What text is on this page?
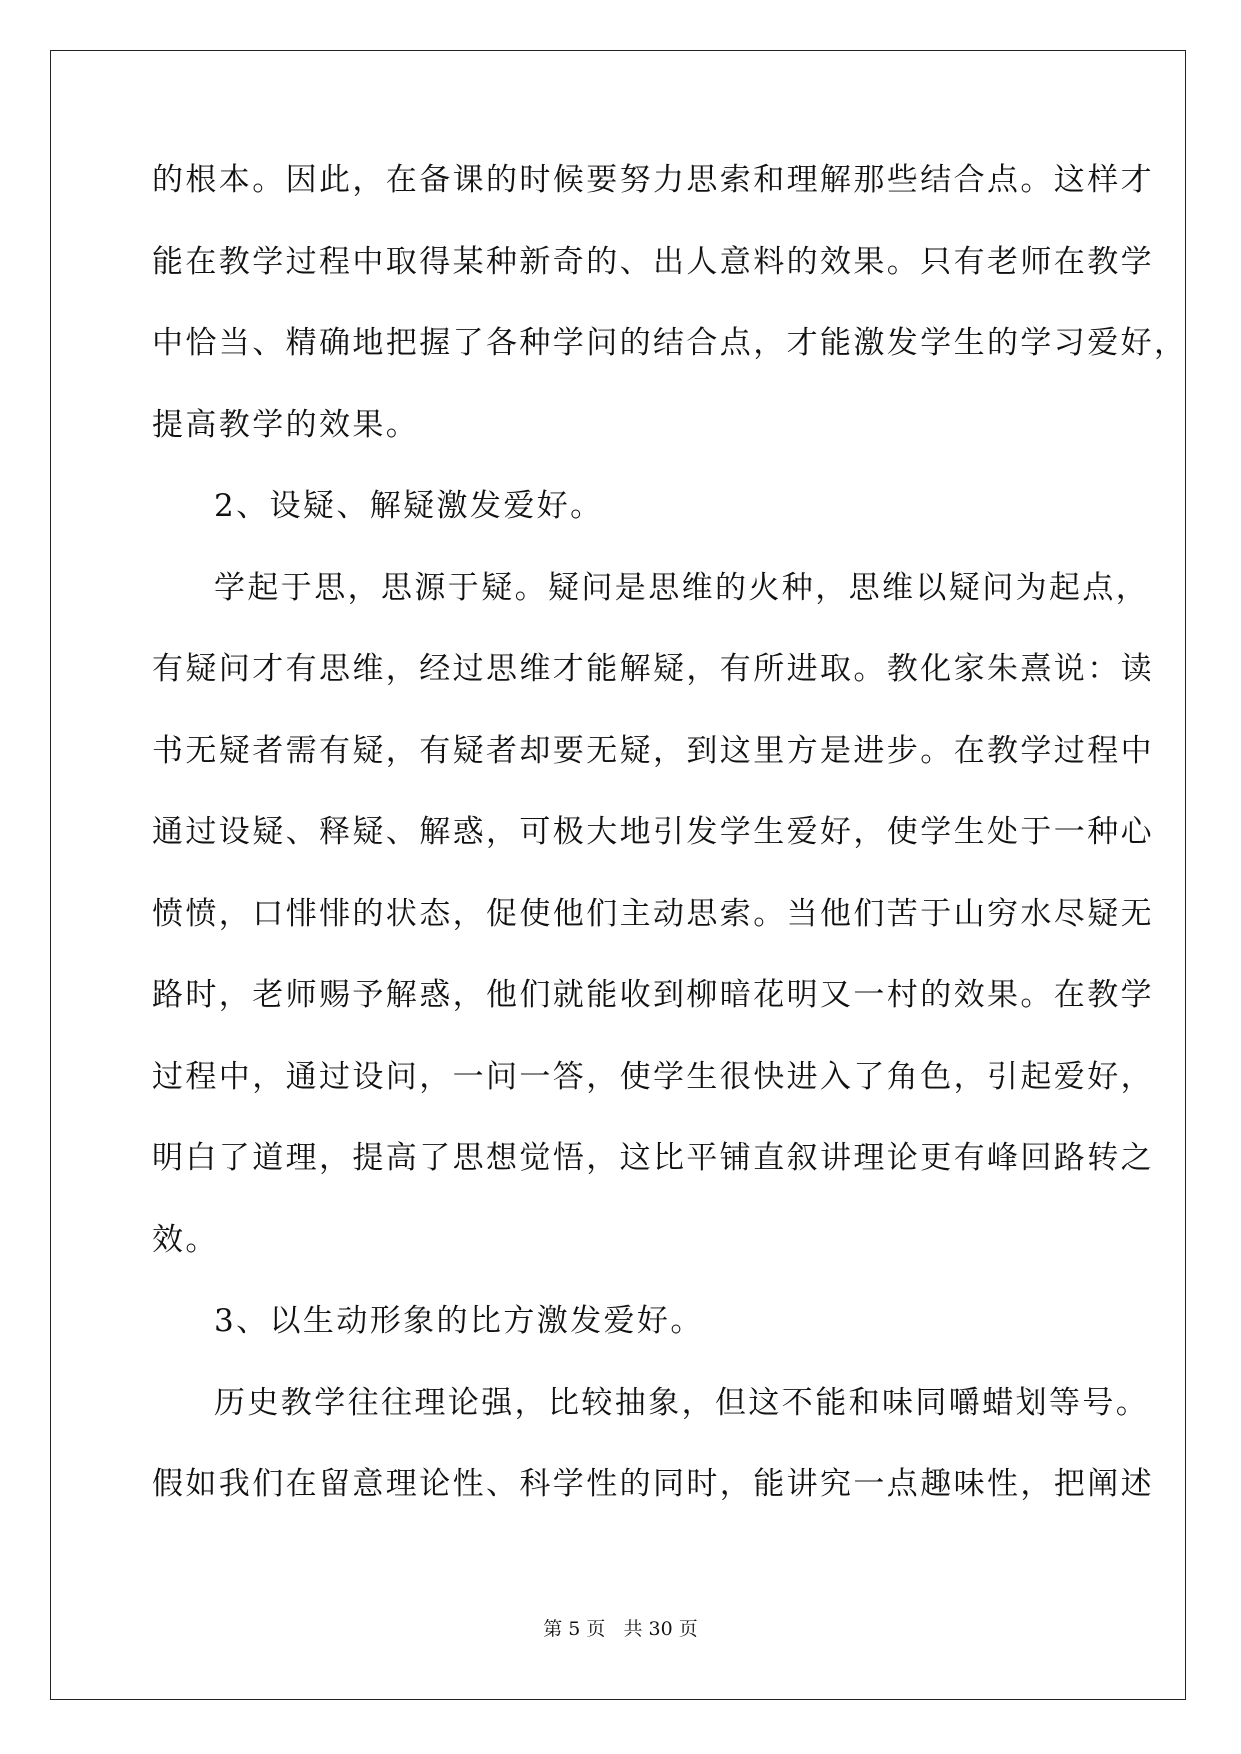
的根本。因此，在备课的时候要努力思索和理解那些结合点。这样才
能在教学过程中取得某种新奇的、出人意料的效果。只有老师在教学
中恰当、精确地把握了各种学问的结合点，才能激发学生的学习爱好，
提高教学的效果。
2、设疑、解疑激发爱好。
学起于思，思源于疑。疑问是思维的火种，思维以疑问为起点，
有疑问才有思维，经过思维才能解疑，有所进取。教化家朱熹说：读
书无疑者需有疑，有疑者却要无疑，到这里方是进步。在教学过程中
通过设疑、释疑、解惑，可极大地引发学生爱好，使学生处于一种心
愤愤，口悱悱的状态，促使他们主动思索。当他们苦于山穷水尽疑无
路时，老师赐予解惑，他们就能收到柳暗花明又一村的效果。在教学
过程中，通过设问，一问一答，使学生很快进入了角色，引起爱好，
明白了道理，提高了思想觉悟，这比平铺直叙讲理论更有峰回路转之
效。
3、以生动形象的比方激发爱好。
历史教学往往理论强，比较抽象，但这不能和味同嚼蜡划等号。
假如我们在留意理论性、科学性的同时，能讲究一点趣味性，把阐述
第 5 页 共 30 页
